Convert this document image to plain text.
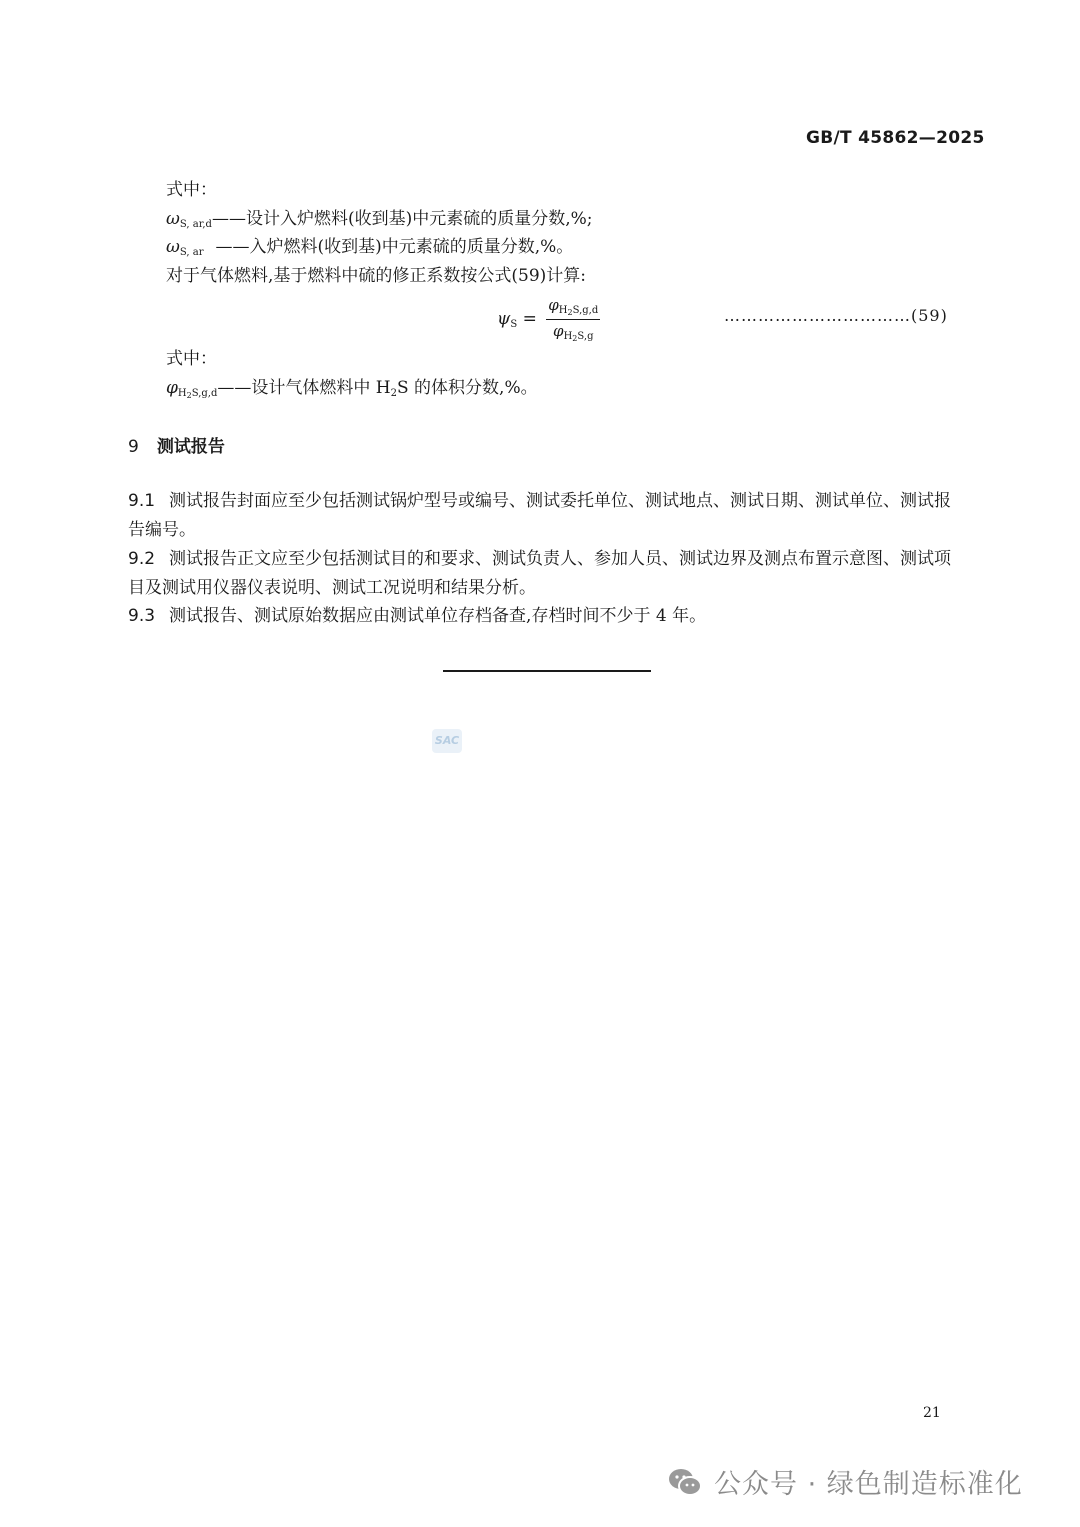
GB/T 45862—2025
式中：
$\omega_{S, ar,d}——$设计入炉燃料(收到基)中元素硫的质量分数,%;
$\omega_{S, ar}$ ——入炉燃料(收到基)中元素硫的质量分数,%。
对于气体燃料,基于燃料中硫的修正系数按公式(59)计算:
$\psi_S = \frac{\varphi_{H_2S,g,d}}{\varphi_{H_2S,g}}$	……………………………(59)
式中：
$\varphi_{H_2S,g,d}——$设计气体燃料中 $H_2S$ 的体积分数,%。
9 测试报告
9.1 测试报告封面应至少包括测试锅炉型号或编号、测试委托单位、测试地点、测试日期、测试单位、测试报告编号。
9.2 测试报告正文应至少包括测试目的和要求、测试负责人、参加人员、测试边界及测点布置示意图、测试项目及测试用仪器仪表说明、测试工况说明和结果分析。
9.3 测试报告、测试原始数据应由测试单位存档备查,存档时间不少于 4 年。
SAC
21
公众号 · 绿色制造标准化
